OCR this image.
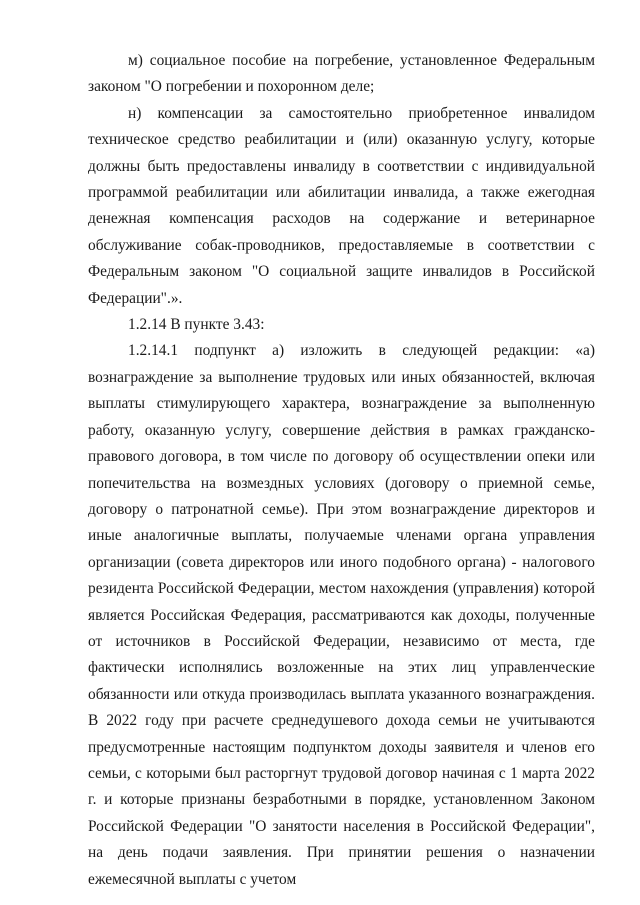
м) социальное пособие на погребение, установленное Федеральным законом "О погребении и похоронном деле;

н) компенсации за самостоятельно приобретенное инвалидом техническое средство реабилитации и (или) оказанную услугу, которые должны быть предоставлены инвалиду в соответствии с индивидуальной программой реабилитации или абилитации инвалида, а также ежегодная денежная компенсация расходов на содержание и ветеринарное обслуживание собак-проводников, предоставляемые в соответствии с Федеральным законом "О социальной защите инвалидов в Российской Федерации".».

1.2.14 В пункте 3.43:

1.2.14.1 подпункт а) изложить в следующей редакции: «а) вознаграждение за выполнение трудовых или иных обязанностей, включая выплаты стимулирующего характера, вознаграждение за выполненную работу, оказанную услугу, совершение действия в рамках гражданско-правового договора, в том числе по договору об осуществлении опеки или попечительства на возмездных условиях (договору о приемной семье, договору о патронатной семье). При этом вознаграждение директоров и иные аналогичные выплаты, получаемые членами органа управления организации (совета директоров или иного подобного органа) - налогового резидента Российской Федерации, местом нахождения (управления) которой является Российская Федерация, рассматриваются как доходы, полученные от источников в Российской Федерации, независимо от места, где фактически исполнялись возложенные на этих лиц управленческие обязанности или откуда производилась выплата указанного вознаграждения. В 2022 году при расчете среднедушевого дохода семьи не учитываются предусмотренные настоящим подпунктом доходы заявителя и членов его семьи, с которыми был расторгнут трудовой договор начиная с 1 марта 2022 г. и которые признаны безработными в порядке, установленном Законом Российской Федерации "О занятости населения в Российской Федерации", на день подачи заявления. При принятии решения о назначении ежемесячной выплаты с учетом
